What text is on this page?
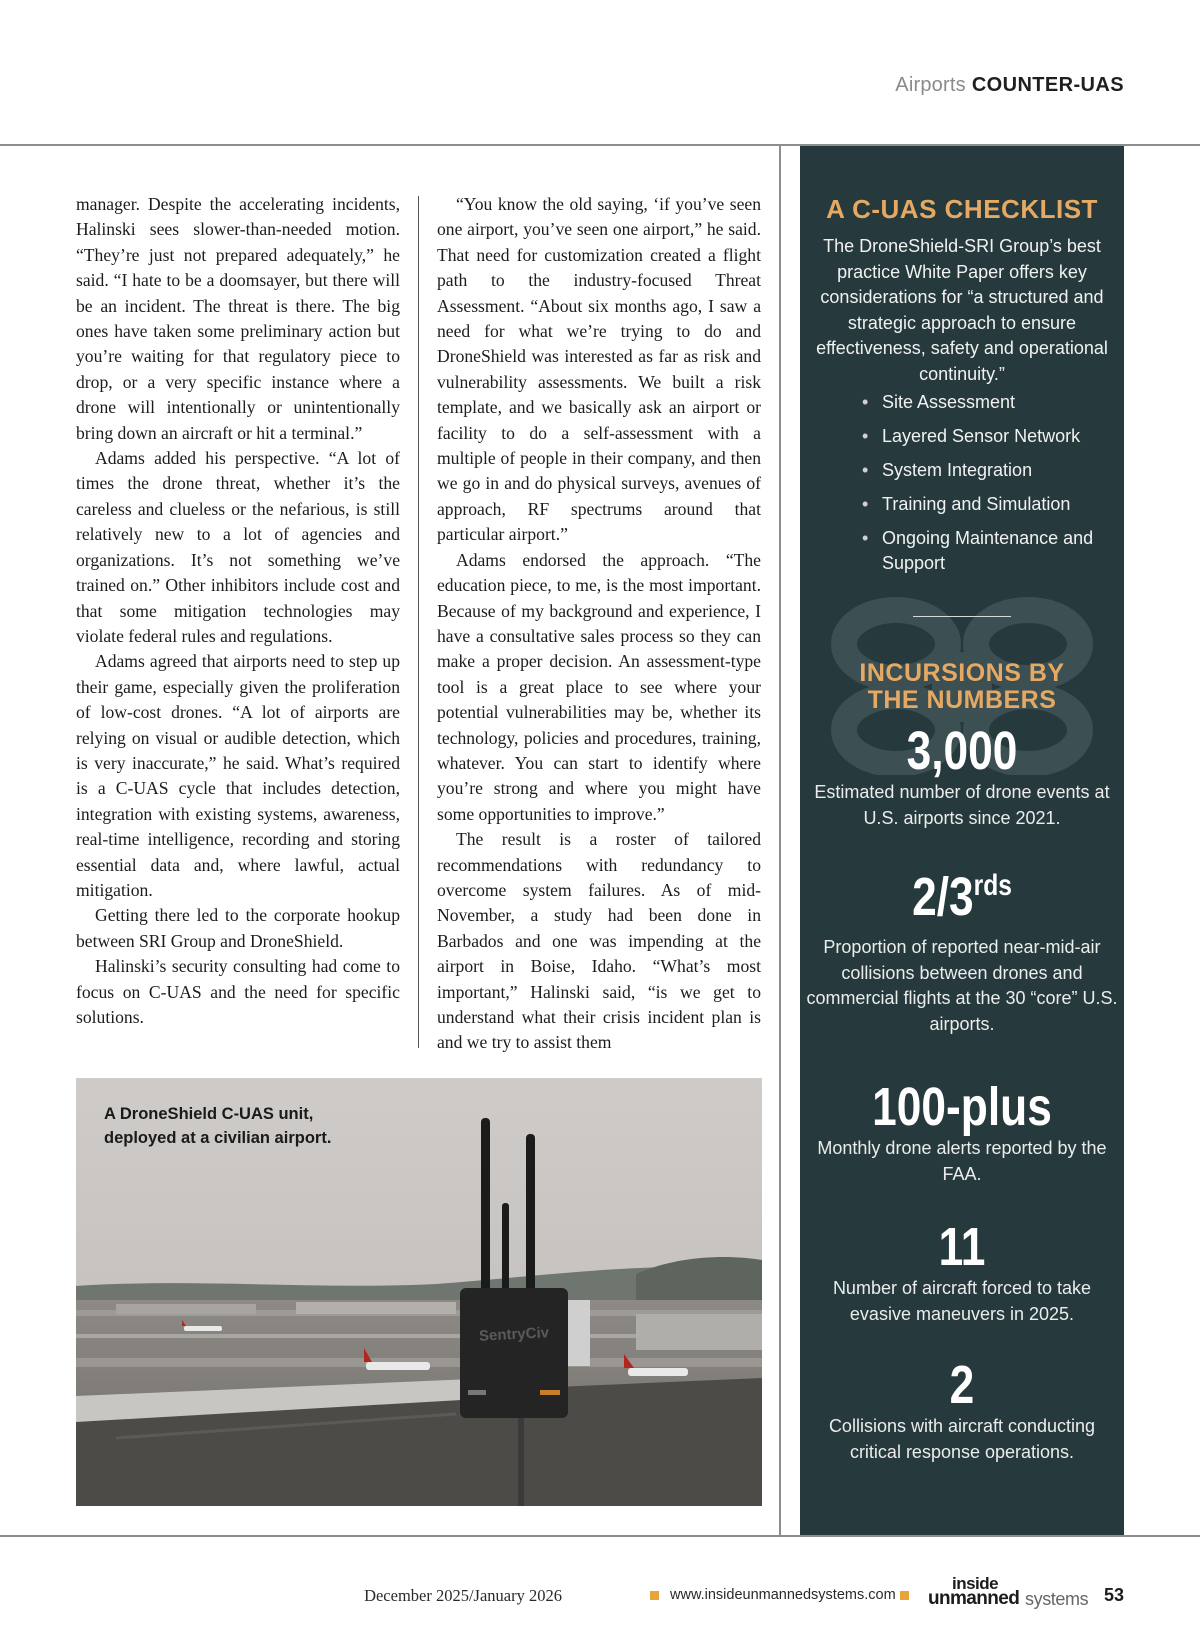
Airports COUNTER-UAS

manager. Despite the accelerating incidents, Halinski sees slower-than-needed motion. “They’re just not prepared adequately,” he said. “I hate to be a doomsayer, but there will be an incident. The threat is there. The big ones have taken some preliminary action but you’re waiting for that regulatory piece to drop, or a very specific instance where a drone will intentionally or unintentionally bring down an aircraft or hit a terminal.”

Adams added his perspective. “A lot of times the drone threat, whether it’s the careless and clueless or the nefarious, is still relatively new to a lot of agencies and organizations. It’s not something we’ve trained on.” Other inhibitors include cost and that some mitigation technologies may violate federal rules and regulations.

Adams agreed that airports need to step up their game, especially given the proliferation of low-cost drones. “A lot of airports are relying on visual or audible detection, which is very inaccurate,” he said. What’s required is a C-UAS cycle that includes detection, integration with existing systems, awareness, real-time intelligence, recording and storing essential data and, where lawful, actual mitigation.

Getting there led to the corporate hookup between SRI Group and DroneShield.

Halinski’s security consulting had come to focus on C-UAS and the need for specific solutions.

“You know the old saying, ‘if you’ve seen one airport, you’ve seen one airport,” he said. That need for customization created a flight path to the industry-focused Threat Assessment. “About six months ago, I saw a need for what we’re trying to do and DroneShield was interested as far as risk and vulnerability assessments. We built a risk template, and we basically ask an airport or facility to do a self-assessment with a multiple of people in their company, and then we go in and do physical surveys, avenues of approach, RF spectrums around that particular airport.”

Adams endorsed the approach. “The education piece, to me, is the most important. Because of my background and experience, I have a consultative sales process so they can make a proper decision. An assessment-type tool is a great place to see where your potential vulnerabilities may be, whether its technology, policies and procedures, training, whatever. You can start to identify where you’re strong and where you might have some opportunities to improve.”

The result is a roster of tailored recommendations with redundancy to overcome system failures. As of mid-November, a study had been done in Barbados and one was impending at the airport in Boise, Idaho. “What’s most important,” Halinski said, “is we get to understand what their crisis incident plan is and we try to assist them

A DroneShield C-UAS unit,
deployed at a civilian airport.
SentryCiv
A C-UAS CHECKLIST
The DroneShield-SRI Group’s best practice White Paper offers key considerations for “a structured and strategic approach to ensure effectiveness, safety and operational continuity.”
• Site Assessment
• Layered Sensor Network
• System Integration
• Training and Simulation
• Ongoing Maintenance and Support
INCURSIONS BY
THE NUMBERS
3,000
Estimated number of drone events at U.S. airports since 2021.
$2/3^{rds}$
Proportion of reported near-mid-air collisions between drones and commercial flights at the 30 “core” U.S. airports.
100-plus
Monthly drone alerts reported by the FAA.
11
Number of aircraft forced to take evasive maneuvers in 2025.
2
Collisions with aircraft conducting critical response operations.
December 2025/January 2026	www.insideunmannedsystems.com
inside
unmanned systems 53
